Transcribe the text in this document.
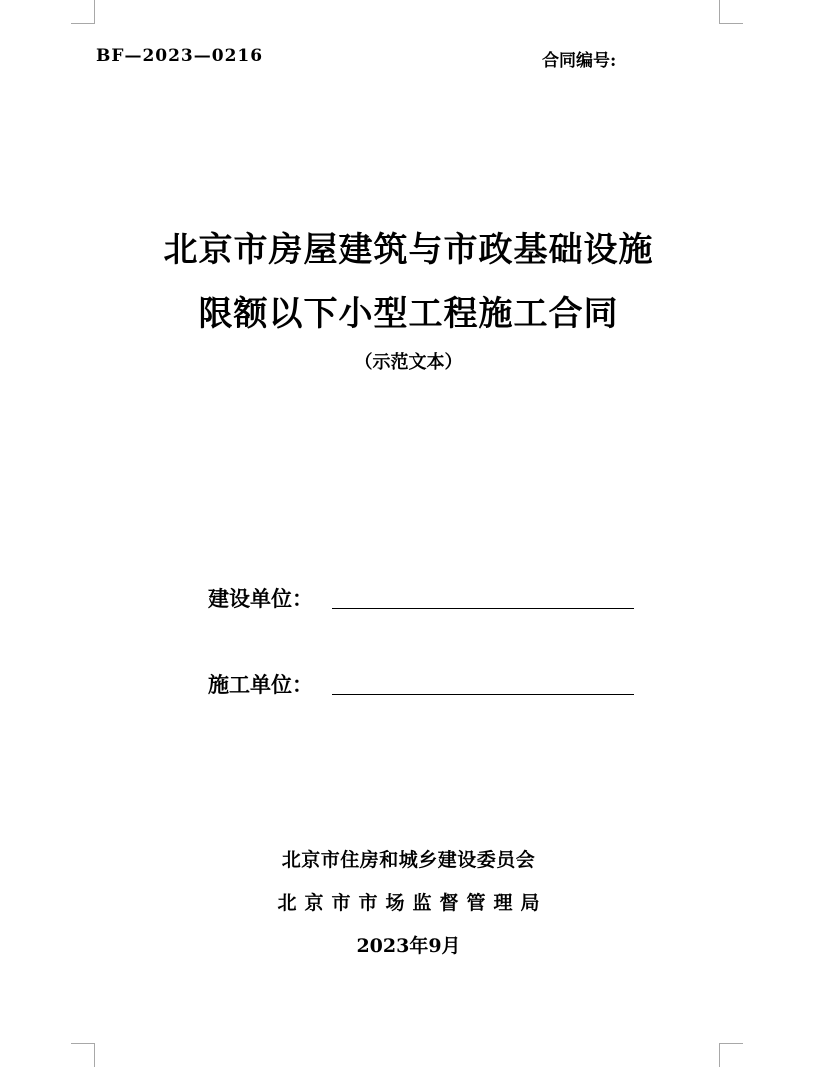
BF—2023—0216	合同编号:
北京市房屋建筑与市政基础设施
限额以下小型工程施工合同
（示范文本）
建设单位：
施工单位：
北京市住房和城乡建设委员会
北京市市场监督管理局
2023年9月
